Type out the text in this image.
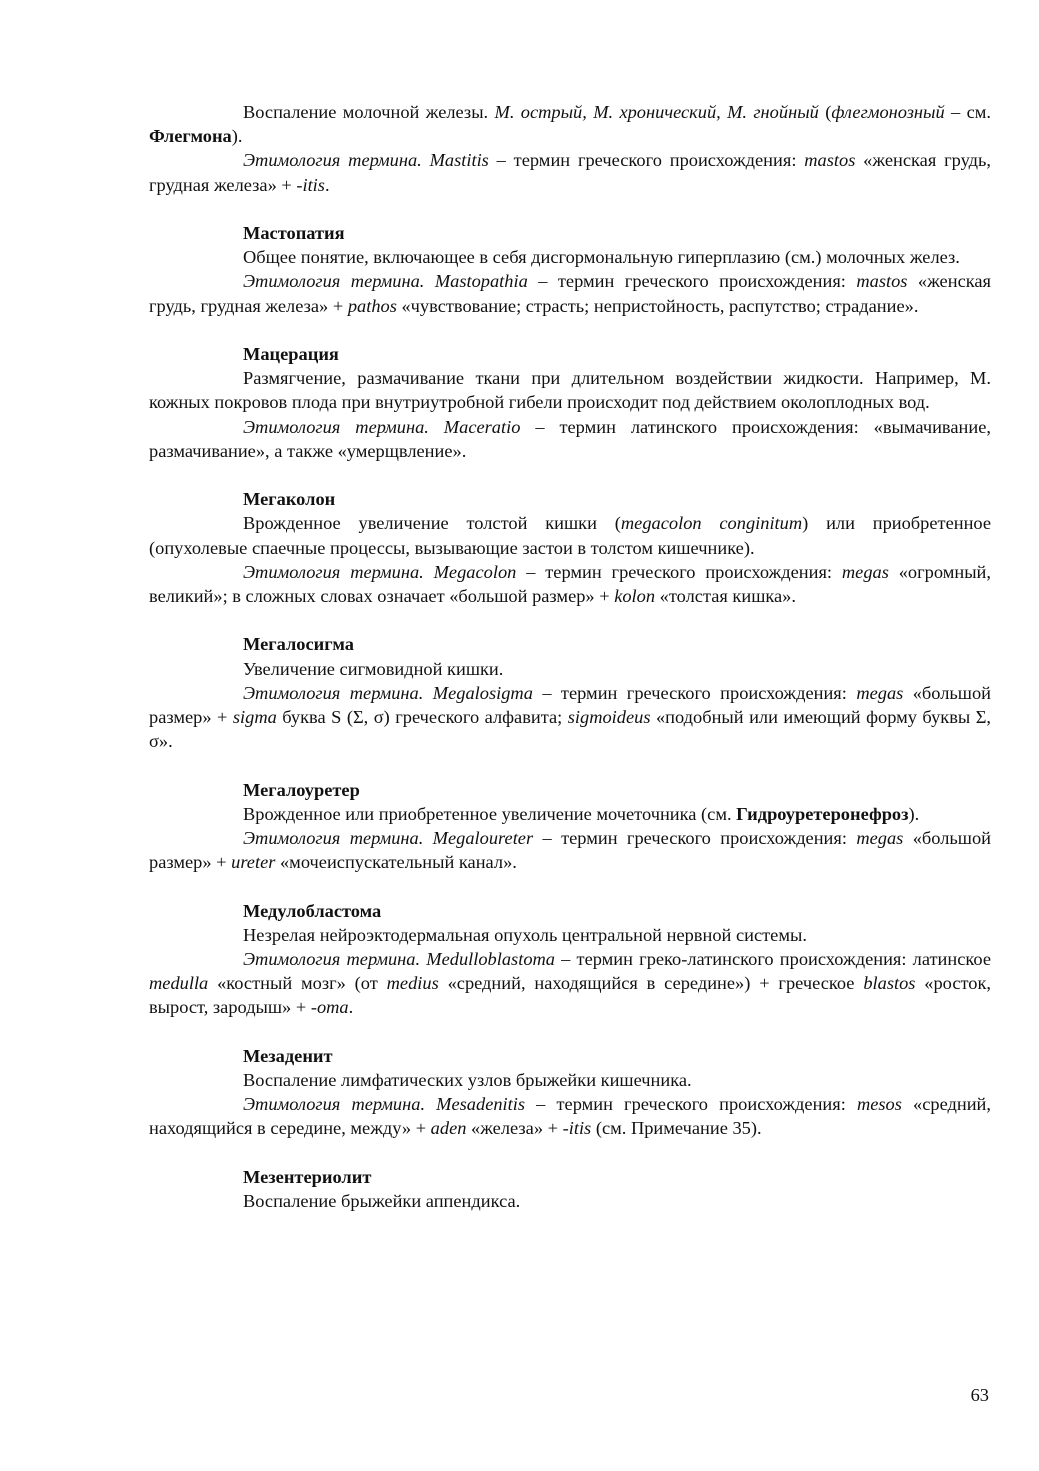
Воспаление молочной железы. М. острый, М. хронический, М. гнойный (флегмонозный – см. Флегмона).

Этимология термина. Mastitis – термин греческого происхождения: mastos «женская грудь, грудная железа» + -itis.

Мастопатия

Общее понятие, включающее в себя дисгормональную гиперплазию (см.) молочных желез.

Этимология термина. Mastopathia – термин греческого происхождения: mastos «женская грудь, грудная железа» + pathos «чувствование; страсть; непристойность, распутство; страдание».

Мацерация

Размягчение, размачивание ткани при длительном воздействии жидкости. Например, М. кожных покровов плода при внутриутробной гибели происходит под действием околоплодных вод.

Этимология термина. Maceratio – термин латинского происхождения: «вымачивание, размачивание», а также «умерщвление».

Мегаколон

Врожденное увеличение толстой кишки (megacolon conginitum) или приобретенное (опухолевые спаечные процессы, вызывающие застои в толстом кишечнике).

Этимология термина. Megacolon – термин греческого происхождения: megas «огромный, великий»; в сложных словах означает «большой размер» + kolon «толстая кишка».

Мегалосигма

Увеличение сигмовидной кишки.

Этимология термина. Megalosigma – термин греческого происхождения: megas «большой размер» + sigma буква S (Σ, σ) греческого алфавита; sigmoideus «подобный или имеющий форму буквы Σ, σ».

Мегалоуретер

Врожденное или приобретенное увеличение мочеточника (см. Гидроуретеронефроз).

Этимология термина. Megaloureter – термин греческого происхождения: megas «большой размер» + ureter «мочеиспускательный канал».

Медулобластома

Незрелая нейроэктодермальная опухоль центральной нервной системы.

Этимология термина. Medulloblastoma – термин греко-латинского происхождения: латинское medulla «костный мозг» (от medius «средний, находящийся в середине») + греческое blastos «росток, вырост, зародыш» + -oma.

Мезаденит

Воспаление лимфатических узлов брыжейки кишечника.

Этимология термина. Mesadenitis – термин греческого происхождения: mesos «средний, находящийся в середине, между» + aden «железа» + -itis (см. Примечание 35).

Мезентериолит

Воспаление брыжейки аппендикса.

63
